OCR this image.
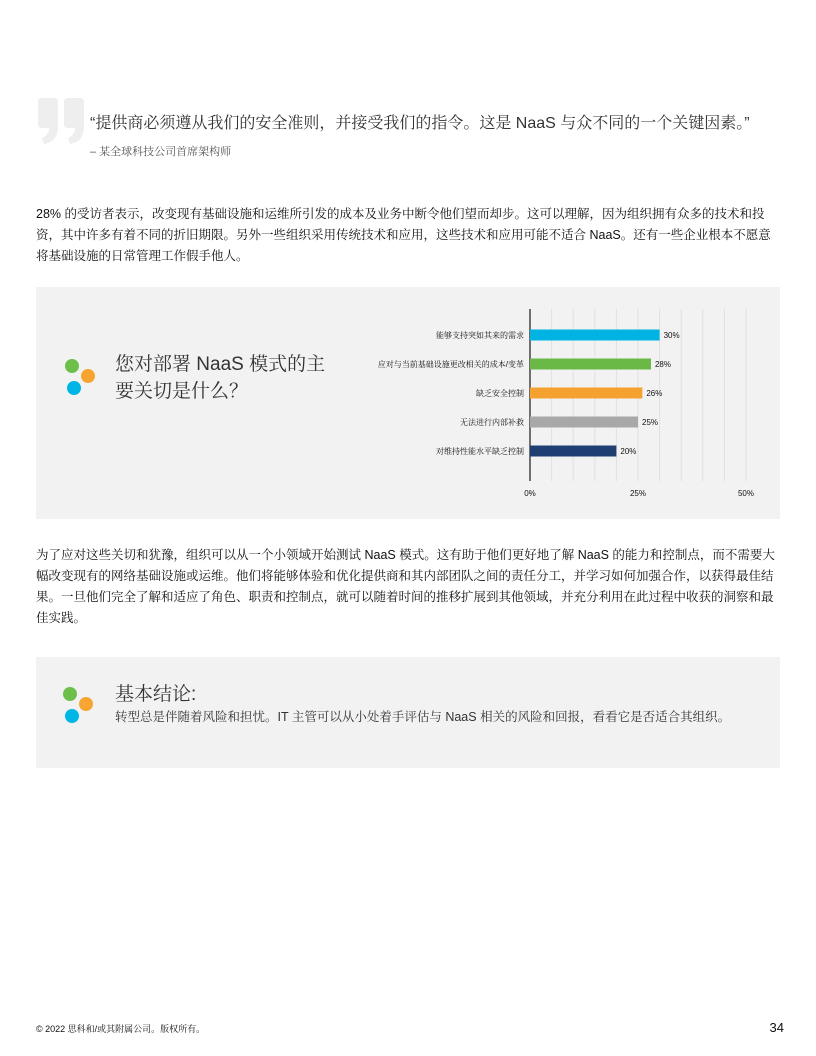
“提供商必须遵从我们的安全准则，并接受我们的指令。这是 NaaS 与众不同的一个关键因素。”
– 某全球科技公司首席架构师
28% 的受访者表示，改变现有基础设施和运维所引发的成本及业务中断令他们望而却步。这可以理解，因为组织拥有众多的技术和投资，其中许多有着不同的折旧期限。另外一些组织采用传统技术和应用，这些技术和应用可能不适合 NaaS。还有一些企业根本不愿意将基础设施的日常管理工作假手他人。
您对部署 NaaS 模式的主要关切是什么？
能够支持突如其来的需求	30%
应对与当前基础设施更改相关的成本/变革	28%
缺乏安全控制	26%
无法进行内部补救	25%
对维持性能水平缺乏控制	20%
0%	25%	50%
为了应对这些关切和犹豫，组织可以从一个小领域开始测试 NaaS 模式。这有助于他们更好地了解 NaaS 的能力和控制点，而不需要大幅改变现有的网络基础设施或运维。他们将能够体验和优化提供商和其内部团队之间的责任分工，并学习如何加强合作，以获得最佳结果。一旦他们完全了解和适应了角色、职责和控制点，就可以随着时间的推移扩展到其他领域，并充分利用在此过程中收获的洞察和最佳实践。
基本结论:
转型总是伴随着风险和担忧。IT 主管可以从小处着手评估与 NaaS 相关的风险和回报，看看它是否适合其组织。
© 2022 思科和/或其附属公司。版权所有。	34
